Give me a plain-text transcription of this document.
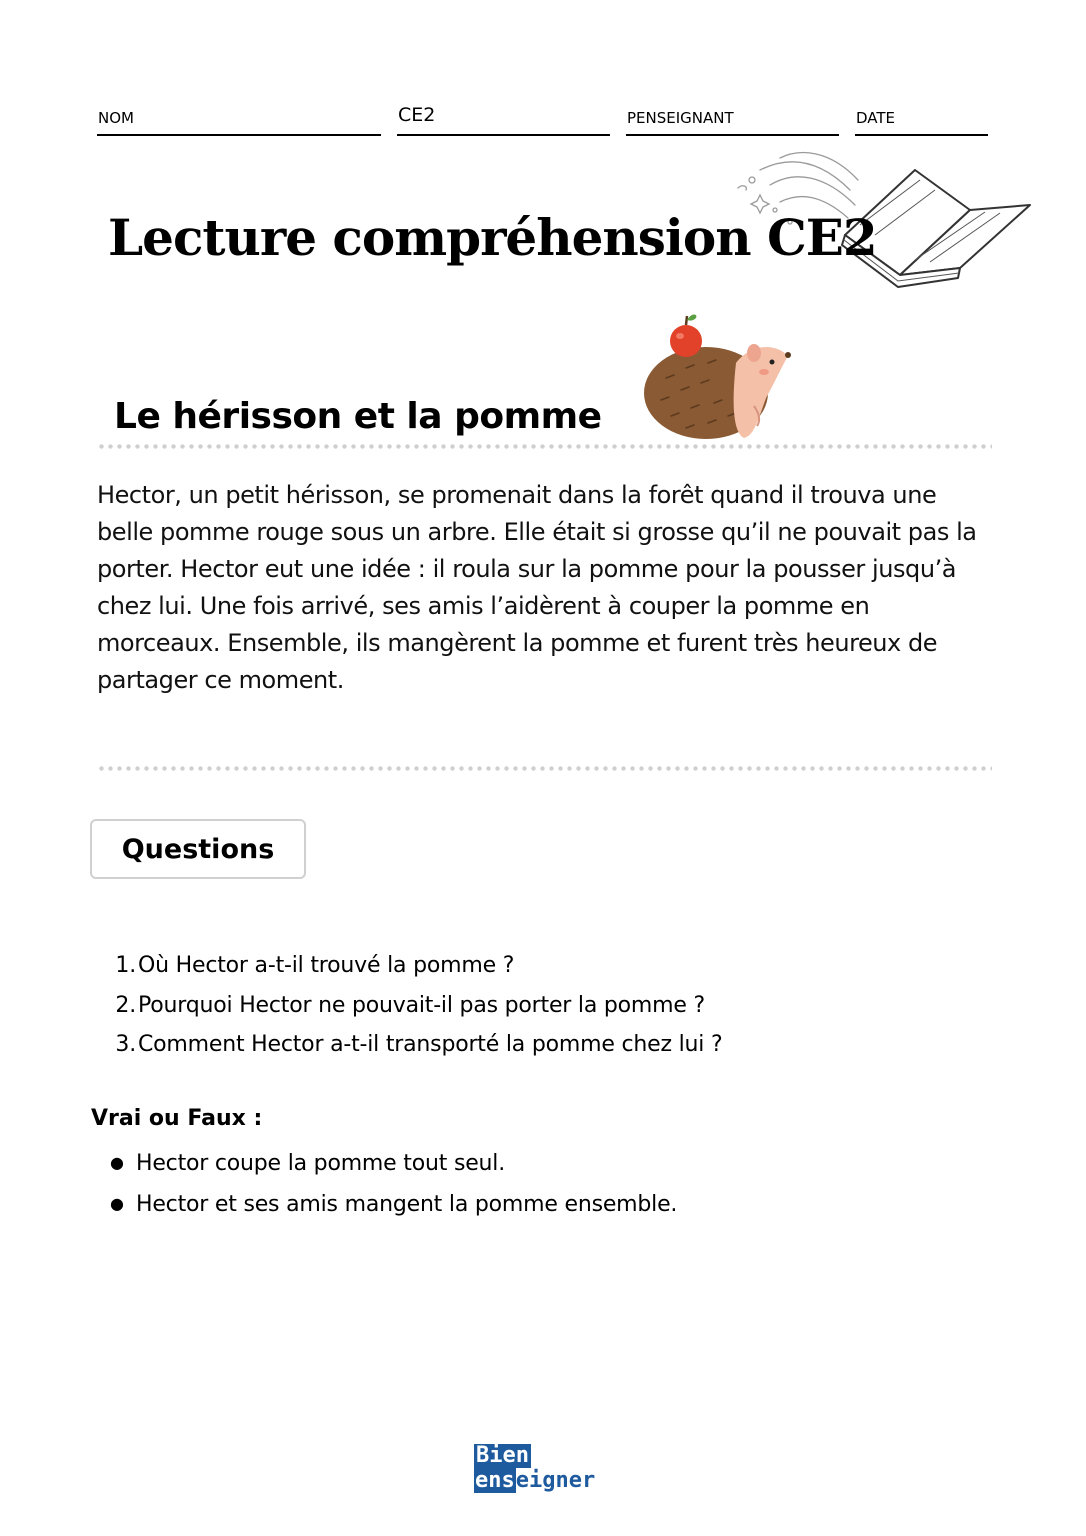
NOM	CE2	PENSEIGNANT	DATE
Lecture compréhension CE2
Le hérisson et la pomme

Hector, un petit hérisson, se promenait dans la forêt quand il trouva une belle pomme rouge sous un arbre. Elle était si grosse qu’il ne pouvait pas la porter. Hector eut une idée : il roula sur la pomme pour la pousser jusqu’à chez lui. Une fois arrivé, ses amis l’aidèrent à couper la pomme en morceaux. Ensemble, ils mangèrent la pomme et furent très heureux de partager ce moment.

Questions
1.Où Hector a-t-il trouvé la pomme ?
2.Pourquoi Hector ne pouvait-il pas porter la pomme ?
3.Comment Hector a-t-il transporté la pomme chez lui ?

Vrai ou Faux :

● Hector coupe la pomme tout seul.
● Hector et ses amis mangent la pomme ensemble.
Bien
enseigner
